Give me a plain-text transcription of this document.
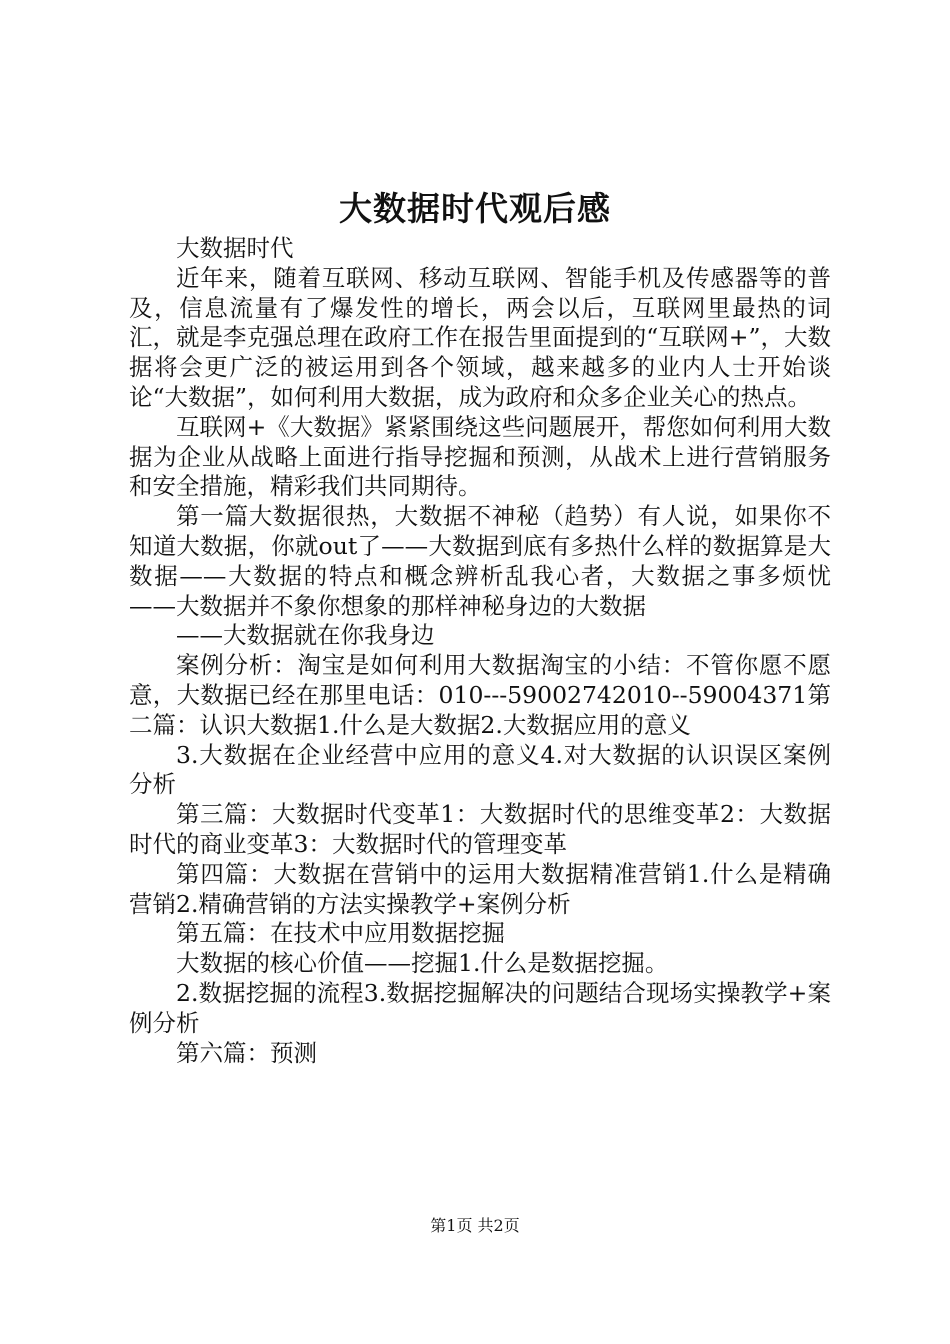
大数据时代观后感

大数据时代

近年来，随着互联网、移动互联网、智能手机及传感器等的普及，信息流量有了爆发性的增长，两会以后，互联网里最热的词汇，就是李克强总理在政府工作在报告里面提到的“互联网+”，大数据将会更广泛的被运用到各个领域，越来越多的业内人士开始谈论“大数据”，如何利用大数据，成为政府和众多企业关心的热点。

互联网+《大数据》紧紧围绕这些问题展开，帮您如何利用大数据为企业从战略上面进行指导挖掘和预测，从战术上进行营销服务和安全措施，精彩我们共同期待。

第一篇大数据很热，大数据不神秘（趋势）有人说，如果你不知道大数据，你就out了——大数据到底有多热什么样的数据算是大数据——大数据的特点和概念辨析乱我心者，大数据之事多烦忧——大数据并不象你想象的那样神秘身边的大数据

——大数据就在你我身边

案例分析：淘宝是如何利用大数据淘宝的小结：不管你愿不愿意，大数据已经在那里电话：010---59002742010--59004371第二篇：认识大数据1.什么是大数据2.大数据应用的意义

3.大数据在企业经营中应用的意义4.对大数据的认识误区案例分析

第三篇：大数据时代变革1：大数据时代的思维变革2：大数据时代的商业变革3：大数据时代的管理变革

第四篇：大数据在营销中的运用大数据精准营销1.什么是精确营销2.精确营销的方法实操教学+案例分析

第五篇：在技术中应用数据挖掘

大数据的核心价值——挖掘1.什么是数据挖掘。

2.数据挖掘的流程3.数据挖掘解决的问题结合现场实操教学+案例分析

第六篇：预测

第1页 共2页
